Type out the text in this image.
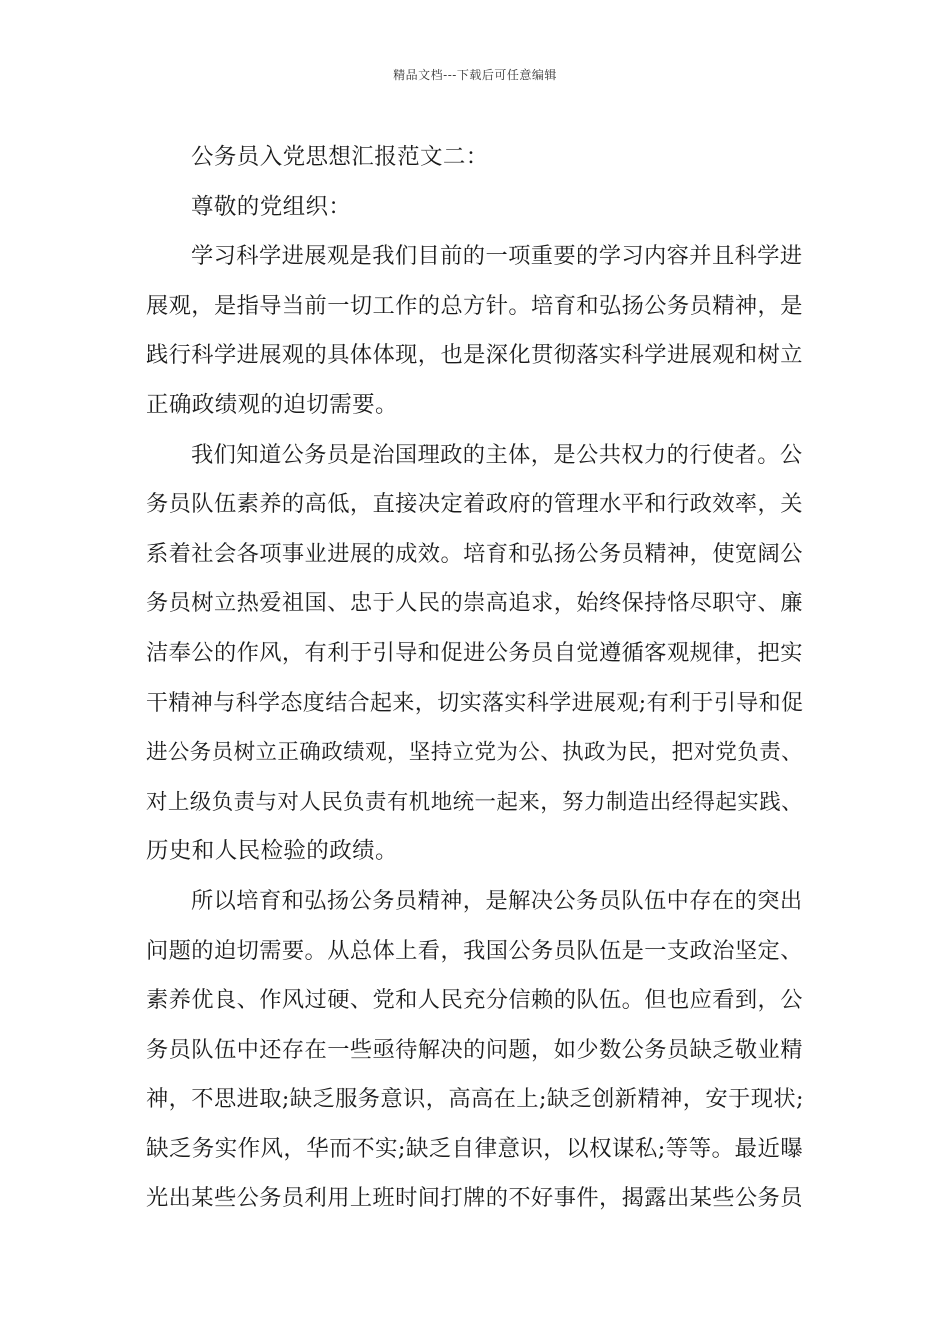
精品文档---下载后可任意编辑
公务员入党思想汇报范文二：
尊敬的党组织：
学习科学进展观是我们目前的一项重要的学习内容并且科学进
展观，是指导当前一切工作的总方针。培育和弘扬公务员精神，是
践行科学进展观的具体体现，也是深化贯彻落实科学进展观和树立
正确政绩观的迫切需要。
我们知道公务员是治国理政的主体，是公共权力的行使者。公
务员队伍素养的高低，直接决定着政府的管理水平和行政效率，关
系着社会各项事业进展的成效。培育和弘扬公务员精神，使宽阔公
务员树立热爱祖国、忠于人民的崇高追求，始终保持恪尽职守、廉
洁奉公的作风，有利于引导和促进公务员自觉遵循客观规律，把实
干精神与科学态度结合起来，切实落实科学进展观;有利于引导和促
进公务员树立正确政绩观，坚持立党为公、执政为民，把对党负责、
对上级负责与对人民负责有机地统一起来，努力制造出经得起实践、
历史和人民检验的政绩。
所以培育和弘扬公务员精神，是解决公务员队伍中存在的突出
问题的迫切需要。从总体上看，我国公务员队伍是一支政治坚定、
素养优良、作风过硬、党和人民充分信赖的队伍。但也应看到，公
务员队伍中还存在一些亟待解决的问题，如少数公务员缺乏敬业精
神，不思进取;缺乏服务意识，高高在上;缺乏创新精神，安于现状;
缺乏务实作风，华而不实;缺乏自律意识，以权谋私;等等。最近曝
光出某些公务员利用上班时间打牌的不好事件，揭露出某些公务员
